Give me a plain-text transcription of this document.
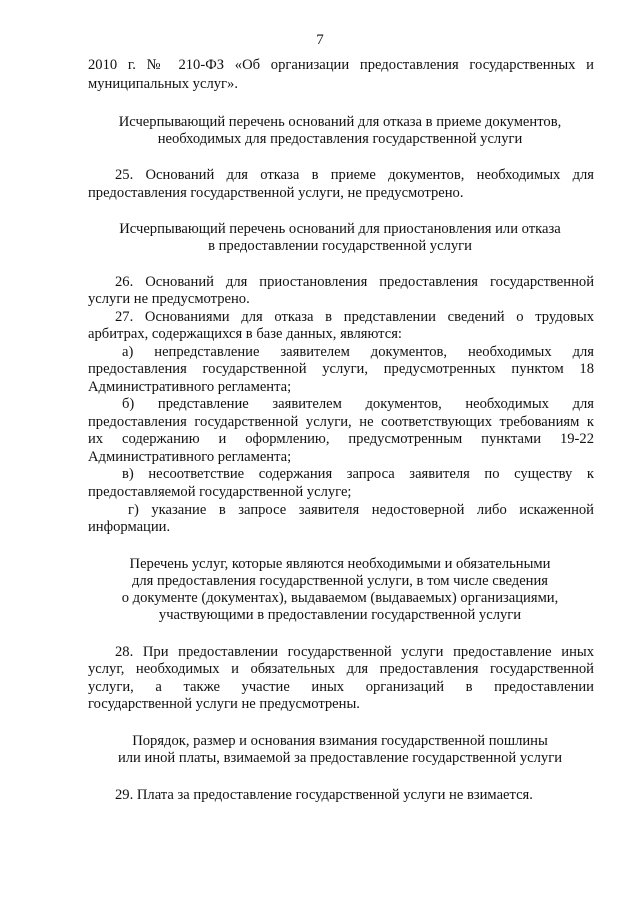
7
2010 г. № 210-ФЗ «Об организации предоставления государственных и
муниципальных услуг».
Исчерпывающий перечень оснований для отказа в приеме документов,
необходимых для предоставления государственной услуги
25. Оснований для отказа в приеме документов, необходимых для
предоставления государственной услуги, не предусмотрено.
Исчерпывающий перечень оснований для приостановления или отказа
в предоставлении государственной услуги
26. Оснований для приостановления предоставления государственной
услуги не предусмотрено.
27. Основаниями для отказа в представлении сведений о трудовых
арбитрах, содержащихся в базе данных, являются:
а) непредставление заявителем документов, необходимых для
предоставления государственной услуги, предусмотренных пунктом 18
Административного регламента;
б) представление заявителем документов, необходимых для
предоставления государственной услуги, не соответствующих требованиям к
их содержанию и оформлению, предусмотренным пунктами 19-22
Административного регламента;
в) несоответствие содержания запроса заявителя по существу к
предоставляемой государственной услуге;
г) указание в запросе заявителя недостоверной либо искаженной
информации.
Перечень услуг, которые являются необходимыми и обязательными
для предоставления государственной услуги, в том числе сведения
о документе (документах), выдаваемом (выдаваемых) организациями,
участвующими в предоставлении государственной услуги
28. При предоставлении государственной услуги предоставление иных
услуг, необходимых и обязательных для предоставления государственной
услуги, а также участие иных организаций в предоставлении
государственной услуги не предусмотрены.
Порядок, размер и основания взимания государственной пошлины
или иной платы, взимаемой за предоставление государственной услуги
29. Плата за предоставление государственной услуги не взимается.
